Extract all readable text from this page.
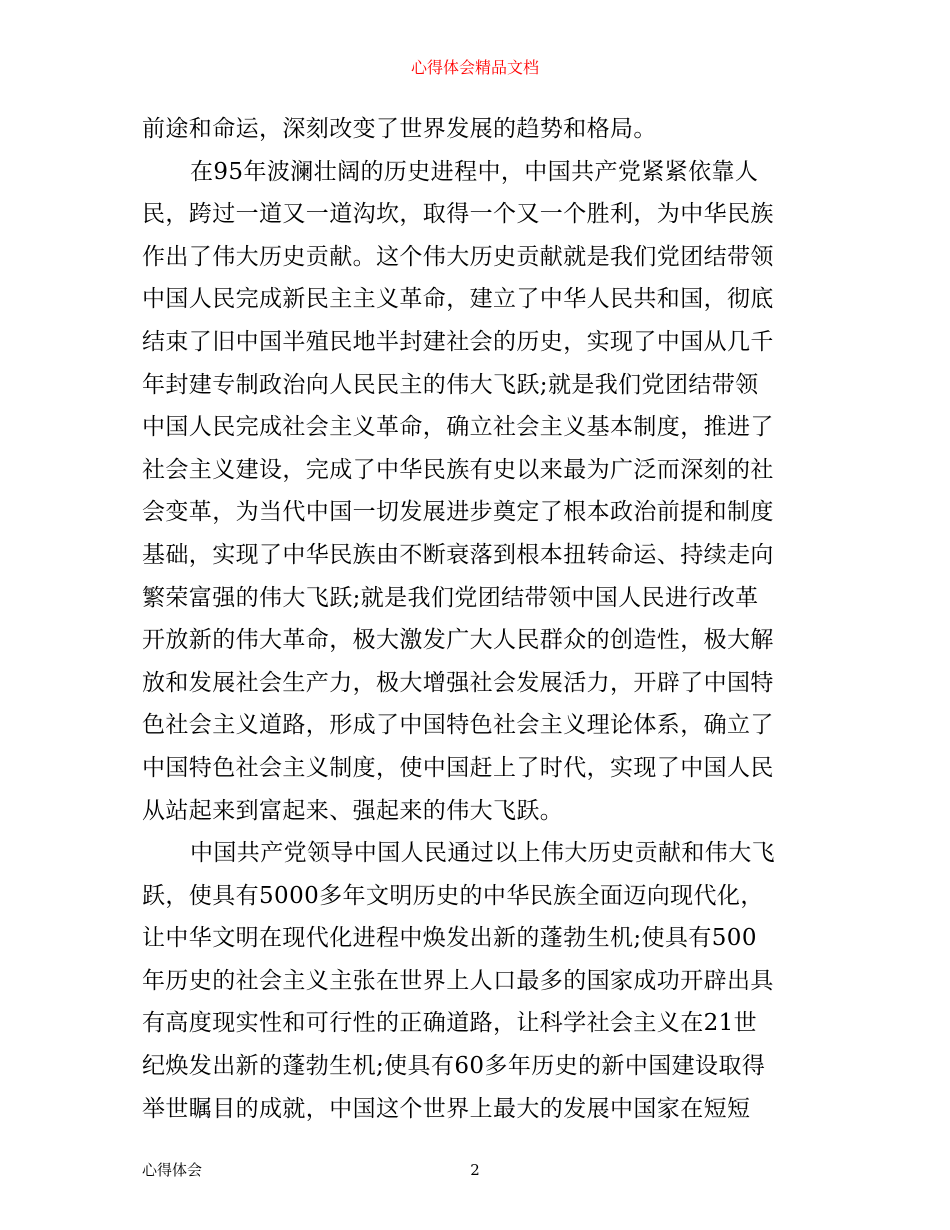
心得体会精品文档
前途和命运，深刻改变了世界发展的趋势和格局。
在95年波澜壮阔的历史进程中，中国共产党紧紧依靠人
民，跨过一道又一道沟坎，取得一个又一个胜利，为中华民族
作出了伟大历史贡献。这个伟大历史贡献就是我们党团结带领
中国人民完成新民主主义革命，建立了中华人民共和国，彻底
结束了旧中国半殖民地半封建社会的历史，实现了中国从几千
年封建专制政治向人民民主的伟大飞跃;就是我们党团结带领
中国人民完成社会主义革命，确立社会主义基本制度，推进了
社会主义建设，完成了中华民族有史以来最为广泛而深刻的社
会变革，为当代中国一切发展进步奠定了根本政治前提和制度
基础，实现了中华民族由不断衰落到根本扭转命运、持续走向
繁荣富强的伟大飞跃;就是我们党团结带领中国人民进行改革
开放新的伟大革命，极大激发广大人民群众的创造性，极大解
放和发展社会生产力，极大增强社会发展活力，开辟了中国特
色社会主义道路，形成了中国特色社会主义理论体系，确立了
中国特色社会主义制度，使中国赶上了时代，实现了中国人民
从站起来到富起来、强起来的伟大飞跃。
中国共产党领导中国人民通过以上伟大历史贡献和伟大飞
跃，使具有5000多年文明历史的中华民族全面迈向现代化，
让中华文明在现代化进程中焕发出新的蓬勃生机;使具有500
年历史的社会主义主张在世界上人口最多的国家成功开辟出具
有高度现实性和可行性的正确道路，让科学社会主义在21世
纪焕发出新的蓬勃生机;使具有60多年历史的新中国建设取得
举世瞩目的成就，中国这个世界上最大的发展中国家在短短
心得体会	2
